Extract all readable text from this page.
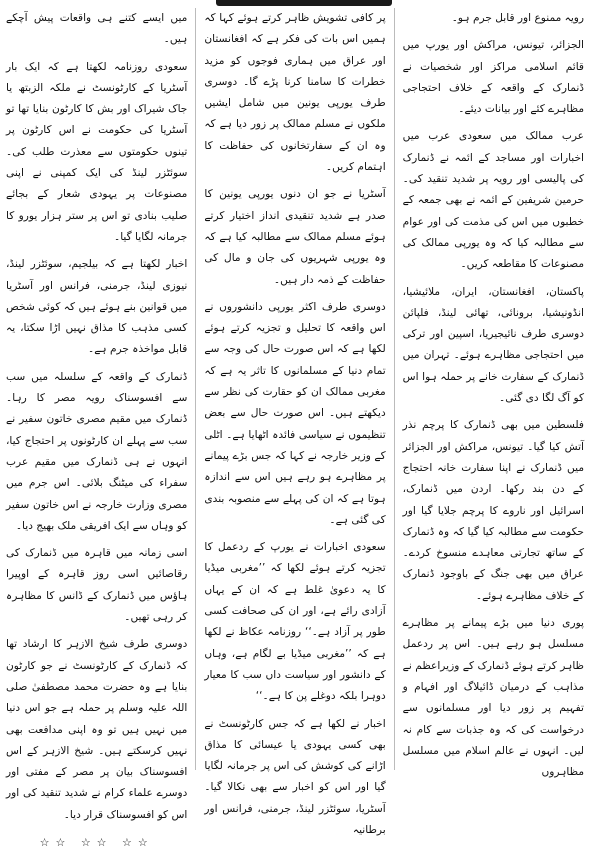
رویہ ممنوع اور قابل جرم ہو۔

الجزائر، تیونس، مراکش اور یورپ میں قائم اسلامی مراکز اور شخصیات نے ڈنمارک کے واقعہ کے خلاف احتجاجی مظاہرے کئے اور بیانات دیئے۔

عرب ممالک میں سعودی عرب میں اخبارات اور مساجد کے ائمہ نے ڈنمارک کی پالیسی اور رویہ پر شدید تنقید کی۔ حرمین شریفین کے ائمہ نے بھی جمعہ کے خطبوں میں اس کی مذمت کی اور عوام سے مطالبہ کیا کہ وہ یورپی ممالک کی مصنوعات کا مقاطعہ کریں۔

پاکستان، افغانستان، ایران، ملائیشیا، انڈونیشیا، برونائی، تھائی لینڈ، فلپائن دوسری طرف نائیجیریا، اسپین اور ترکی میں احتجاجی مظاہرے ہوئے۔ تہران میں ڈنمارک کے سفارت خانے پر حملہ ہوا اس کو آگ لگا دی گئی۔

فلسطین میں بھی ڈنمارک کا پرچم نذر آتش کیا گیا۔ تیونس، مراکش اور الجزائر میں ڈنمارک نے اپنا سفارت خانہ احتجاج کے دن بند رکھا۔ اردن میں ڈنمارک، اسرائیل اور ناروے کا پرچم جلایا گیا اور حکومت سے مطالبہ کیا گیا کہ وہ ڈنمارک کے ساتھ تجارتی معاہدے منسوخ کردے۔ عراق میں بھی جنگ کے باوجود ڈنمارک کے خلاف مظاہرے ہوئے۔

پوری دنیا میں بڑے پیمانے پر مظاہرے مسلسل ہو رہے ہیں۔ اس پر ردعمل ظاہر کرتے ہوئے ڈنمارک کے وزیراعظم نے مذاہب کے درمیان ڈائیلاگ اور افہام و تفہیم پر زور دیا اور مسلمانوں سے درخواست کی کہ وہ جذبات سے کام نہ لیں۔ انہوں نے عالم اسلام میں مسلسل مظاہروں

پر کافی تشویش ظاہر کرتے ہوئے کہا کہ ہمیں اس بات کی فکر ہے کہ افغانستان اور عراق میں ہماری فوجوں کو مزید خطرات کا سامنا کرنا پڑے گا۔ دوسری طرف یورپی یونین میں شامل ایشیں ملکوں نے مسلم ممالک پر زور دیا ہے کہ وہ ان کے سفارتخانوں کی حفاظت کا اہتمام کریں۔

آسٹریا نے جو ان دنوں یورپی یونین کا صدر ہے شدید تنقیدی انداز اختیار کرتے ہوئے مسلم ممالک سے مطالبہ کیا ہے کہ وہ یورپی شہریوں کی جان و مال کی حفاظت کے ذمہ دار ہیں۔

دوسری طرف اکثر یورپی دانشوروں نے اس واقعہ کا تحلیل و تجزیہ کرتے ہوئے لکھا ہے کہ اس صورت حال کی وجہ سے تمام دنیا کے مسلمانوں کا تاثر یہ ہے کہ مغربی ممالک ان کو حقارت کی نظر سے دیکھتے ہیں۔ اس صورت حال سے بعض تنظیموں نے سیاسی فائدہ اٹھایا ہے۔ اٹلی کے وزیر خارجہ نے کہا کہ جس بڑے پیمانے پر مظاہرے ہو رہے ہیں اس سے اندازہ ہوتا ہے کہ ان کی پہلے سے منصوبہ بندی کی گئی ہے۔

سعودی اخبارات نے یورپ کے ردعمل کا تجزیہ کرتے ہوئے لکھا کہ ’’مغربی میڈیا کا یہ دعویٰ غلط ہے کہ ان کے یہاں آزادی رائے ہے، اور ان کی صحافت کسی طور پر آزاد ہے۔‘‘ روزنامہ عکاظ نے لکھا ہے کہ ’’مغربی میڈیا بے لگام ہے، وہاں کے دانشور اور سیاست داں سب کا معیار دوہرا بلکہ دوغلے پن کا ہے۔‘‘

اخبار نے لکھا ہے کہ جس کارٹونسٹ نے بھی کسی یہودی یا عیسائی کا مذاق اڑانے کی کوشش کی اس پر جرمانہ لگایا گیا اور اس کو اخبار سے بھی نکالا گیا۔ آسٹریا، سوئٹزر لینڈ، جرمنی، فرانس اور برطانیہ

میں ایسے کتنے ہی واقعات پیش آچکے ہیں۔

سعودی روزنامہ لکھتا ہے کہ ایک بار آسٹریا کے کارٹونسٹ نے ملکہ الزبتھ یا جاک شیراک اور بش کا کارٹون بنایا تھا تو آسٹریا کی حکومت نے اس کارٹون پر تینوں حکومتوں سے معذرت طلب کی۔ سوئٹزر لینڈ کی ایک کمپنی نے اپنی مصنوعات پر یہودی شعار کے بجائے صلیب بنادی تو اس پر ستر ہزار یورو کا جرمانہ لگایا گیا۔

اخبار لکھتا ہے کہ بیلجیم، سوئٹزر لینڈ، نیوزی لینڈ، جرمنی، فرانس اور آسٹریا میں قوانین بنے ہوئے ہیں کہ کوئی شخص کسی مذہب کا مذاق نہیں اڑا سکتا، یہ قابل مواخذہ جرم ہے۔

ڈنمارک کے واقعہ کے سلسلہ میں سب سے افسوسناک رویہ مصر کا رہا۔ ڈنمارک میں مقیم مصری خاتون سفیر نے سب سے پہلے ان کارٹونوں پر احتجاج کیا، انہوں نے ہی ڈنمارک میں مقیم عرب سفراء کی میٹنگ بلائی۔ اس جرم میں مصری وزارت خارجہ نے اس خاتون سفیر کو وہاں سے ایک افریقی ملک بھیج دیا۔

اسی زمانہ میں قاہرہ میں ڈنمارک کی رقاصائیں اسی روز قاہرہ کے اوپیرا ہاؤس میں ڈنمارک کے ڈانس کا مظاہرہ کر رہی تھیں۔

دوسری طرف شیخ الازہر کا ارشاد تھا کہ ڈنمارک کے کارٹونسٹ نے جو کارٹون بنایا ہے وہ حضرت محمد مصطفیٰ صلی اللہ علیہ وسلم پر حملہ ہے جو اس دنیا میں نہیں ہیں تو وہ اپنی مدافعت بھی نہیں کرسکتے ہیں۔ شیخ الازہر کے اس افسوسناک بیان پر مصر کے مفتی اور دوسرے علماء کرام نے شدید تنقید کی اور اس کو افسوسناک قرار دیا۔

☆☆ ☆☆ ☆☆
